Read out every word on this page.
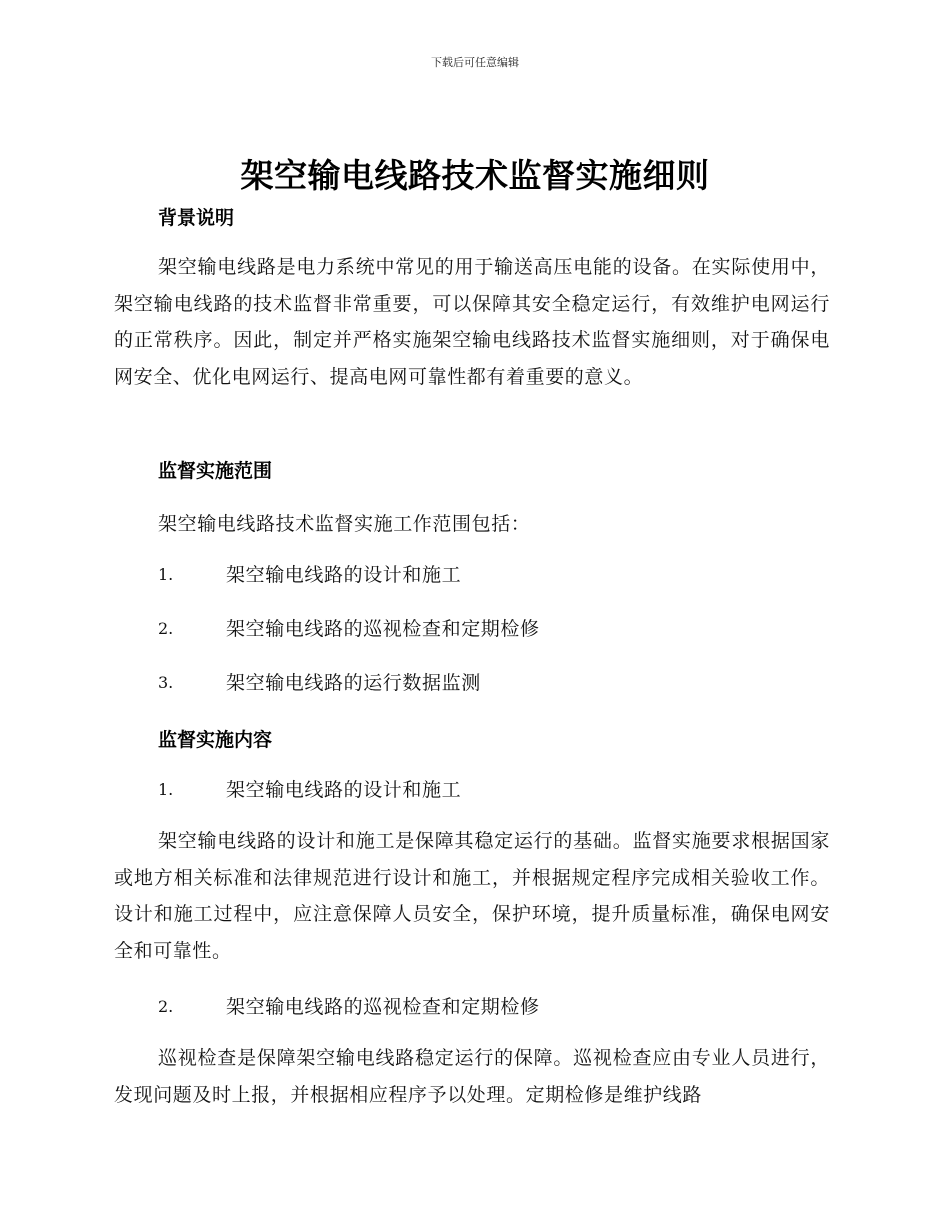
下载后可任意编辑
架空输电线路技术监督实施细则
背景说明

架空输电线路是电力系统中常见的用于输送高压电能的设备。在实际使用中，架空输电线路的技术监督非常重要，可以保障其安全稳定运行，有效维护电网运行的正常秩序。因此，制定并严格实施架空输电线路技术监督实施细则，对于确保电网安全、优化电网运行、提高电网可靠性都有着重要的意义。

监督实施范围
架空输电线路技术监督实施工作范围包括：
1.	架空输电线路的设计和施工
2.	架空输电线路的巡视检查和定期检修
3.	架空输电线路的运行数据监测
监督实施内容
1.	架空输电线路的设计和施工

架空输电线路的设计和施工是保障其稳定运行的基础。监督实施要求根据国家或地方相关标准和法律规范进行设计和施工，并根据规定程序完成相关验收工作。设计和施工过程中，应注意保障人员安全，保护环境，提升质量标准，确保电网安全和可靠性。

2.	架空输电线路的巡视检查和定期检修

巡视检查是保障架空输电线路稳定运行的保障。巡视检查应由专业人员进行，发现问题及时上报，并根据相应程序予以处理。定期检修是维护线路
